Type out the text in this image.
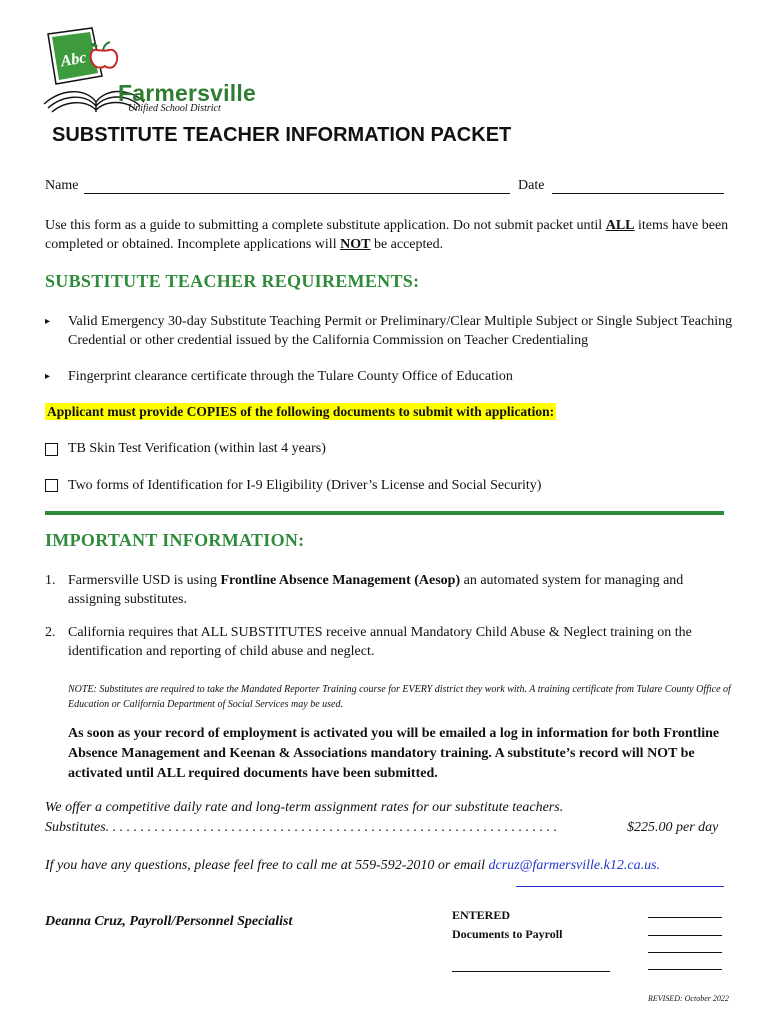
Abc
Farmersville
Unified School District
SUBSTITUTE TEACHER INFORMATION PACKET
Name	Date
Use this form as a guide to submitting a complete substitute application. Do not submit packet until ALL items have been completed or obtained. Incomplete applications will NOT be accepted.
SUBSTITUTE TEACHER REQUIREMENTS:
▸ Valid Emergency 30-day Substitute Teaching Permit or Preliminary/Clear Multiple Subject or Single Subject Teaching Credential or other credential issued by the California Commission on Teacher Credentialing
▸ Fingerprint clearance certificate through the Tulare County Office of Education
Applicant must provide COPIES of the following documents to submit with application:
TB Skin Test Verification (within last 4 years)
Two forms of Identification for I-9 Eligibility (Driver’s License and Social Security)
IMPORTANT INFORMATION:
1. Farmersville USD is using Frontline Absence Management (Aesop) an automated system for managing and assigning substitutes.
2. California requires that ALL SUBSTITUTES receive annual Mandatory Child Abuse & Neglect training on the identification and reporting of child abuse and neglect.
NOTE: Substitutes are required to take the Mandated Reporter Training course for EVERY district they work with. A training certificate from Tulare County Office of Education or California Department of Social Services may be used.
As soon as your record of employment is activated you will be emailed a log in information for both Frontline Absence Management and Keenan & Associations mandatory training. A substitute’s record will NOT be activated until ALL required documents have been submitted.
We offer a competitive daily rate and long-term assignment rates for our substitute teachers.
Substitutes. . . . . . . . . . . . . . . . . . . . . . . . . . . . . . . . . . . . . . . . . . . . . . . . . . . . . . . . . . . . . . . . .	$225.00 per day
If you have any questions, please feel free to call me at 559-592-2010 or email dcruz@farmersville.k12.ca.us.
Deanna Cruz, Payroll/Personnel Specialist	ENTERED
Documents to Payroll
REVISED: October 2022
